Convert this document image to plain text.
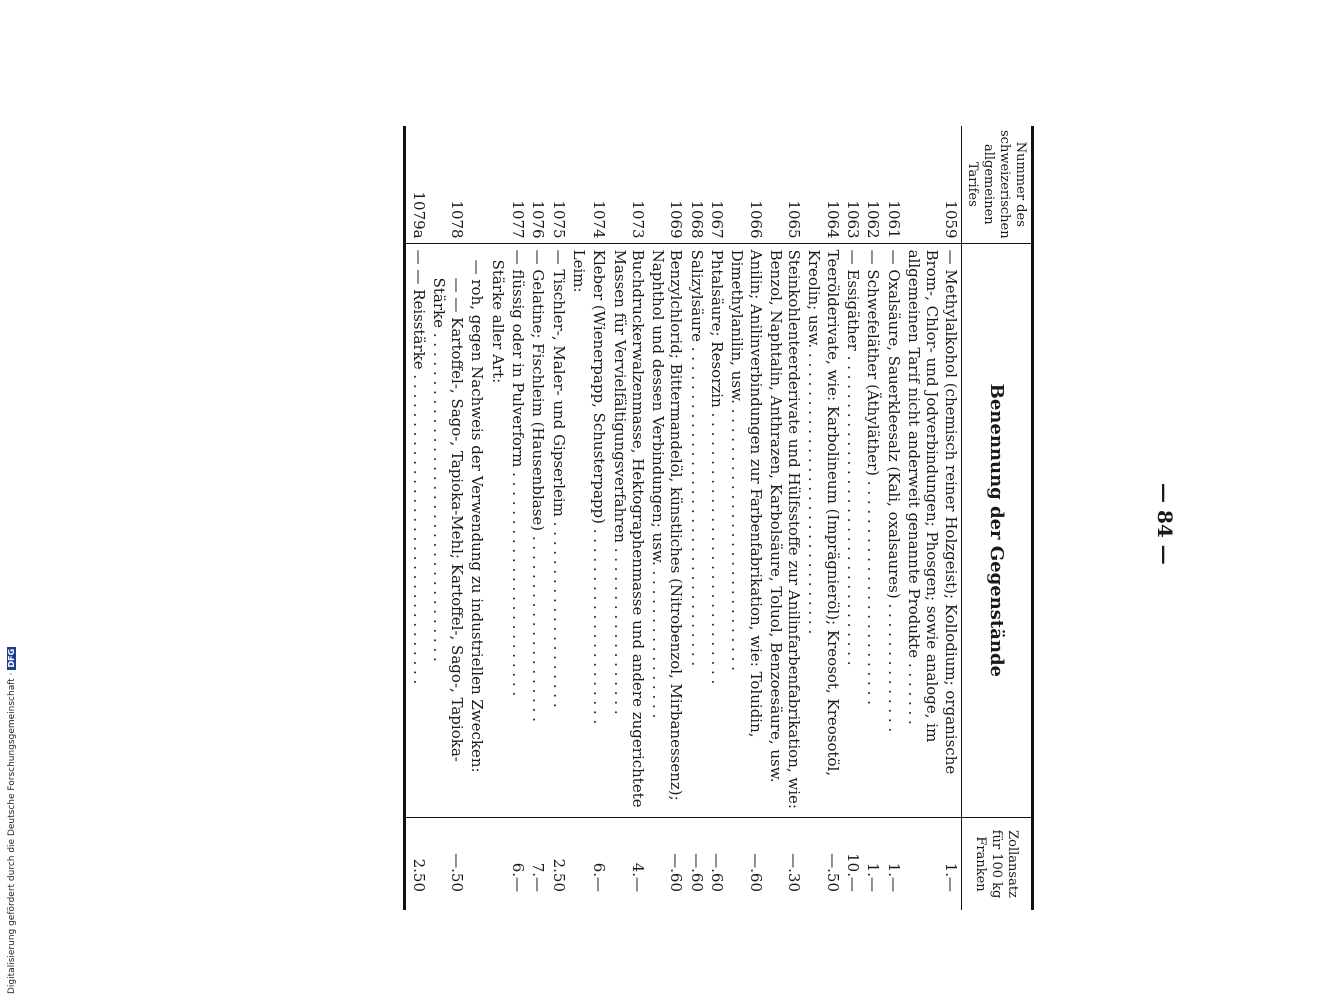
— 84 —
Nummer des schweizerischen allgemeinen Tarifes	Benennung der Gegenstände	Zollansatz für 100 kg Franken
1059	— Methylalkohol (chemisch reiner Holzgeist); Kollodium; organische Brom-, Chlor- und Jodverbindungen; Phosgen; sowie analoge, im allgemeinen Tarif nicht anderweit genannte Produkte . . . . . . .	1.—
1061	— Oxalsäure, Sauerkleesalz (Kali, oxalsaures) . . . . . . . . . . . . . .	1.—
1062	— Schwefeläther (Äthyläther) . . . . . . . . . . . . . . . . . . . . . . . .	1.—
1063	— Essigäther . . . . . . . . . . . . . . . . . . . . . . . . . . . . . . . . .	10.—
1064	Teerölderivate, wie: Karbolineum (Imprägnieröl); Kreosot, Kreosotöl, Kreolin; usw. . . . . . . . . . . . . . . . . . . . . . . . . . . . . . .	—.50
1065	Steinkohlenteerderivate und Hülfsstoffe zur Anilinfarbenfabrikation, wie: Benzol, Naphtalin, Anthrazen, Karbolsäure, Toluol, Benzoesäure, usw.	—.30
1066	Anilin; Anilinverbindungen zur Farbenfabrikation, wie: Toluidin, Dimethylanilin, usw. . . . . . . . . . . . . . . . . . . . . . . . . . . . .	—.60
1067	Phtalsäure; Resorzin . . . . . . . . . . . . . . . . . . . . . . . . . . . . .	—.60
1068	Salizylsäure . . . . . . . . . . . . . . . . . . . . . . . . . . . . . . . . . .	—.60
1069	Benzylchlorid; Bittermandelöl, künstliches (Nitrobenzol, Mirbanessenz); Naphthol und dessen Verbindungen; usw. . . . . . . . . . . . . . . . .	—.60
1073	Buchdruckerwalzenmasse, Hektographenmasse und andere zugerichtete Massen für Vervielfältigungsverfahren . . . . . . . . . . . . . . . . . .	4.—
1074	Kleber (Wienerpapp, Schusterpapp) . . . . . . . . . . . . . . . . . . . . .	6.—
	Leim:	
1075	— Tischler-, Maler- und Gipserleim . . . . . . . . . . . . . . . . . . . .	2.50
1076	— Gelatine; Fischleim (Hausenblase) . . . . . . . . . . . . . . . . . . . .	7.—
1077	— flüssig oder in Pulverform . . . . . . . . . . . . . . . . . . . . . . . .	6.—
	Stärke aller Art:	
	— roh, gegen Nachweis der Verwendung zu industriellen Zwecken:	
1078	— — Kartoffel-, Sago-, Tapioka-Mehl; Kartoffel-, Sago-, Tapioka-Stärke . . . . . . . . . . . . . . . . . . . . . . . . . . . . . . . . . . .	—.50
1079a	— — Reisstärke . . . . . . . . . . . . . . . . . . . . . . . . . . . . . . . . .	2.50
Digitalisierung gefördert durch die Deutsche Forschungsgemeinschaft ·DFG
